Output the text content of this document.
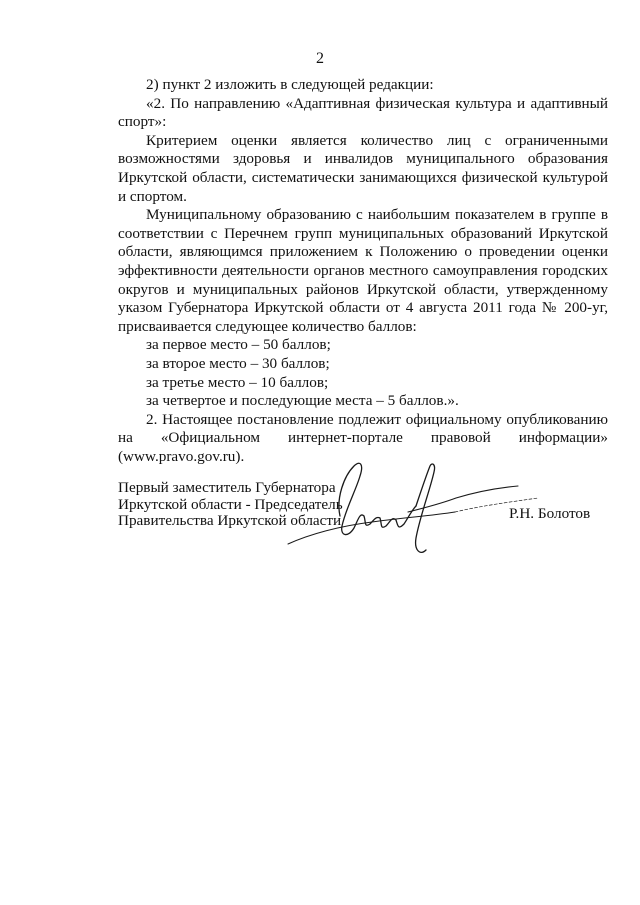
2

2) пункт 2 изложить в следующей редакции:

«2. По направлению «Адаптивная физическая культура и адаптивный спорт»:

Критерием оценки является количество лиц с ограниченными возможностями здоровья и инвалидов муниципального образования Иркутской области, систематически занимающихся физической культурой и спортом.

Муниципальному образованию с наибольшим показателем в группе в соответствии с Перечнем групп муниципальных образований Иркутской области, являющимся приложением к Положению о проведении оценки эффективности деятельности органов местного самоуправления городских округов и муниципальных районов Иркутской области, утвержденному указом Губернатора Иркутской области от 4 августа 2011 года № 200-уг, присваивается следующее количество баллов:

за первое место – 50 баллов;

за второе место – 30 баллов;

за третье место – 10 баллов;

за четвертое и последующие места – 5 баллов.».

2. Настоящее постановление подлежит официальному опубликованию на «Официальном интернет-портале правовой информации» (www.pravo.gov.ru).

Первый заместитель Губернатора
Иркутской области - Председатель
Правительства Иркутской области	Р.Н. Болотов
